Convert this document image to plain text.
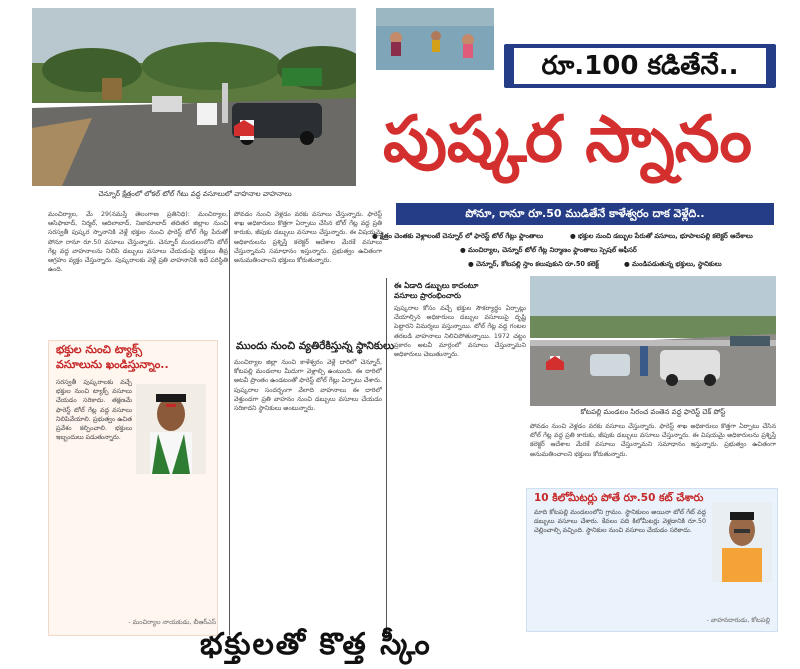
చెన్నూర్ క్షేత్రంలో లోకల్ టోల్ గేటు వద్ద వసూలులో వాహనాల వాహనాలు
రూ.100 కడితేనే..
పుష్కర స్నానం
పోనూ, రానూ రూ.50 ముడితేనే కాళేశ్వరం దాక వెళ్లేది..
● క్షేత్రం చెంతకు వెళ్లాలంటే చెన్నూర్ లో ఫారెస్ట్ టోల్ గేట్లు ఫ్లాంతాలు	● భక్తుల నుంచి డబ్బుల పేరుతో వసూలు, భూపాలపల్లి కలెక్టర్ ఆదేశాలు
● మంచిర్యాల, చెన్నూర్ టోల్ గేట్ల నిర్మాణం ఫ్లాంతాలు స్పెషల్ ఆఫీసర్
● చెన్నూర్, కోటపల్లి స్తాం కలుపుకుని రూ.50 కలెక్ట్	● మండిపడుతున్న భక్తులు, స్థానికులు
మంచిర్యాల, మే 29(నమస్తే తెలంగాణ ప్రతినిధి): మంచిర్యాల, ఆసిఫాబాద్, నిర్మల్, ఆదిలాబాద్, నిజామాబాద్ తదితర జిల్లాల నుంచి సరస్వతీ పుష్కర స్నానానికి వెళ్లే భక్తుల నుంచి ఫారెస్ట్ టోల్ గేట్ల పేరుతో పోనూ రానూ రూ.50 వసూలు చేస్తున్నారు. చెన్నూర్ మండలంలోని టోల్ గేట్ల వద్ద వాహనాలను నిలిపి డబ్బులు వసూలు చేయడంపై భక్తులు తీవ్ర ఆగ్రహం వ్యక్తం చేస్తున్నారు. పుష్కరాలకు వెళ్లే ప్రతి వాహనానికి ఇదే పరిస్థితి ఉంది.
పోవడం నుంచి వెళ్లడం వరకు వసూలు చేస్తున్నారు. ఫారెస్ట్ శాఖ అధికారులు కొత్తగా ఏర్పాటు చేసిన టోల్ గేట్ల వద్ద ప్రతి కారుకు, జీపుకు డబ్బులు వసూలు చేస్తున్నారు. ఈ విషయమై అధికారులను ప్రశ్నిస్తే కలెక్టర్ ఆదేశాల మేరకే వసూలు చేస్తున్నామని సమాధానం ఇస్తున్నారు. ప్రభుత్వం ఉచితంగా అనుమతించాలని భక్తులు కోరుతున్నారు.
భక్తుల నుంచి ట్యాక్స్
వసూలును ఖండిస్తున్నాం..
సరస్వతీ పుష్కరాలకు వచ్చే భక్తుల నుంచి ట్యాక్స్ వసూలు చేయడం సరికాదు. తక్షణమే ఫారెస్ట్ టోల్ గేట్ల వద్ద వసూలు నిలిపివేయాలి. ప్రభుత్వం ఉచిత ప్రవేశం కల్పించాలి. భక్తులు ఇబ్బందులు పడుతున్నారు.
- మంచిర్యాల నాయకుడు, బీఆర్ఎస్
ముందు నుంచి వ్యతిరేకిస్తున్న స్థానికులు
మంచిర్యాల జిల్లా నుంచి కాళేశ్వరం వెళ్లే దారిలో చెన్నూర్, కోటపల్లి మండలాల మీదుగా వెళ్లాల్సి ఉంటుంది. ఈ దారిలో అటవీ ప్రాంతం ఉండటంతో ఫారెస్ట్ టోల్ గేట్లు ఏర్పాటు చేశారు. పుష్కరాల సందర్భంగా వేలాది వాహనాలు ఈ దారిలో వెళ్తుండగా ప్రతి వాహనం నుంచి డబ్బులు వసూలు చేయడం సరికాదని స్థానికులు అంటున్నారు.
ఈ ఏడాది డబ్బులు కాదంటూ
వసూలు ప్రారంభించారు
పుష్కరాల కోసం వచ్చే భక్తుల సౌకర్యార్థం ఏర్పాట్లు చేయాల్సిన అధికారులు డబ్బుల వసూలుపై దృష్టి పెట్టారని విమర్శలు వస్తున్నాయి. టోల్ గేట్ల వద్ద గంటల తరబడి వాహనాలు నిలిచిపోతున్నాయి. 1972 చట్టం ప్రకారం అటవీ మార్గంలో వసూలు చేస్తున్నామని అధికారులు చెబుతున్నారు.
కోటపల్లి మండలం సిరంచ వంతెన వద్ద ఫారెస్ట్ చెక్ పోస్ట్
పోవడం నుంచి వెళ్లడం వరకు వసూలు చేస్తున్నారు. ఫారెస్ట్ శాఖ అధికారులు కొత్తగా ఏర్పాటు చేసిన టోల్ గేట్ల వద్ద ప్రతి కారుకు, జీపుకు డబ్బులు వసూలు చేస్తున్నారు. ఈ విషయమై అధికారులను ప్రశ్నిస్తే కలెక్టర్ ఆదేశాల మేరకే వసూలు చేస్తున్నామని సమాధానం ఇస్తున్నారు. ప్రభుత్వం ఉచితంగా అనుమతించాలని భక్తులు కోరుతున్నారు.
10 కిలోమీటర్లు పోతే రూ.50 కట్ చేశారు
మాది కోటపల్లి మండలంలోని గ్రామం. స్థానికులం అయినా టోల్ గేట్ వద్ద డబ్బులు వసూలు చేశారు. కేవలం పది కిలోమీటర్లు వెళ్లడానికి రూ.50 చెల్లించాల్సి వచ్చింది. స్థానికుల నుంచి వసూలు చేయడం సరికాదు.
- వాహనదారుడు, కోటపల్లి
భక్తులతో కొత్త స్కీం
